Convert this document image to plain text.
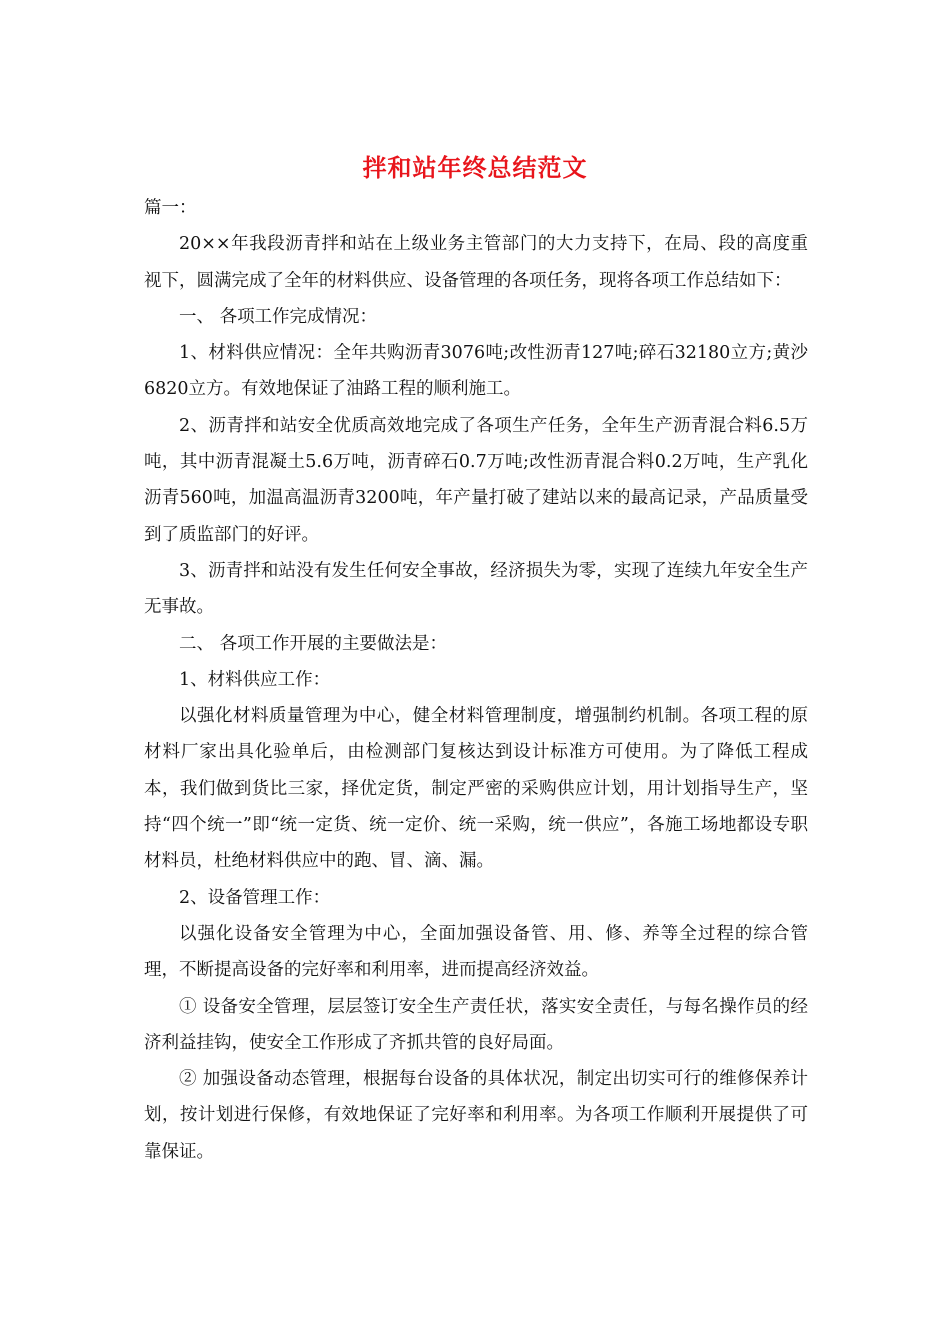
拌和站年终总结范文

篇一：

20××年我段沥青拌和站在上级业务主管部门的大力支持下，在局、段的高度重视下，圆满完成了全年的材料供应、设备管理的各项任务，现将各项工作总结如下：

一、 各项工作完成情况：

1、材料供应情况：全年共购沥青3076吨;改性沥青127吨;碎石32180立方;黄沙6820立方。有效地保证了油路工程的顺利施工。

2、沥青拌和站安全优质高效地完成了各项生产任务，全年生产沥青混合料6.5万吨，其中沥青混凝土5.6万吨，沥青碎石0.7万吨;改性沥青混合料0.2万吨，生产乳化沥青560吨，加温高温沥青3200吨，年产量打破了建站以来的最高记录，产品质量受到了质监部门的好评。

3、沥青拌和站没有发生任何安全事故，经济损失为零，实现了连续九年安全生产无事故。

二、 各项工作开展的主要做法是：

1、材料供应工作：

以强化材料质量管理为中心，健全材料管理制度，增强制约机制。各项工程的原材料厂家出具化验单后，由检测部门复核达到设计标准方可使用。为了降低工程成本，我们做到货比三家，择优定货，制定严密的采购供应计划，用计划指导生产，坚持“四个统一”即“统一定货、统一定价、统一采购，统一供应”，各施工场地都设专职材料员，杜绝材料供应中的跑、冒、滴、漏。

2、设备管理工作：

以强化设备安全管理为中心，全面加强设备管、用、修、养等全过程的综合管理，不断提高设备的完好率和利用率，进而提高经济效益。

① 设备安全管理，层层签订安全生产责任状，落实安全责任，与每名操作员的经济利益挂钩，使安全工作形成了齐抓共管的良好局面。

② 加强设备动态管理，根据每台设备的具体状况，制定出切实可行的维修保养计划，按计划进行保修，有效地保证了完好率和利用率。为各项工作顺利开展提供了可靠保证。
